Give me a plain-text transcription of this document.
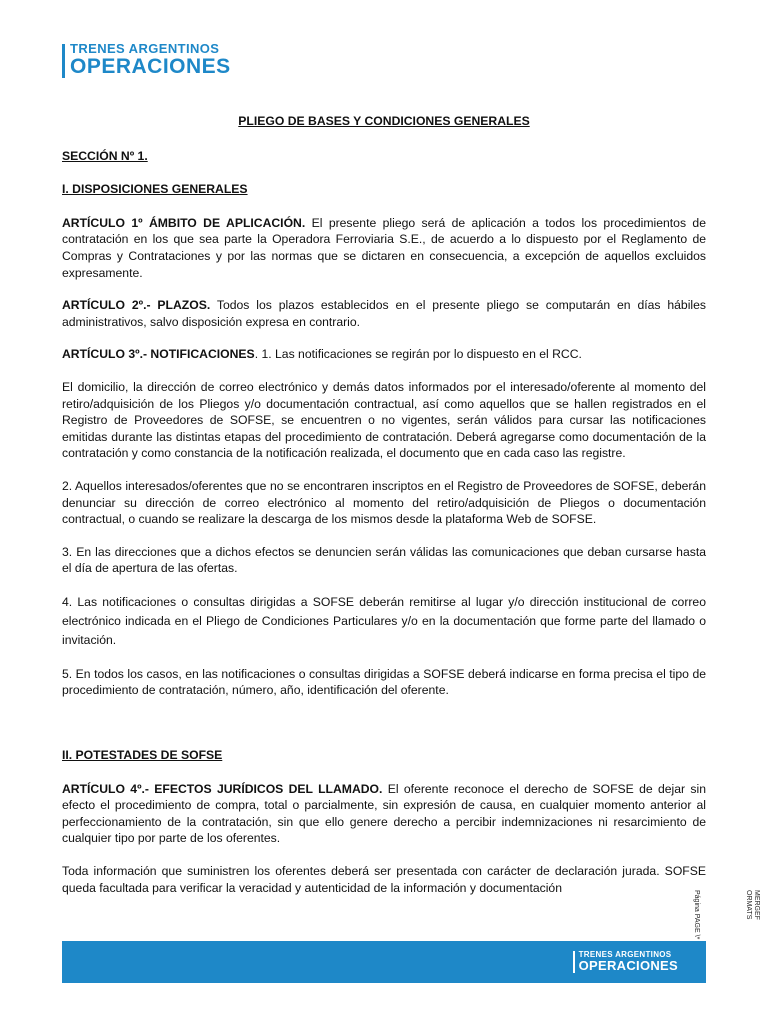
TRENES ARGENTINOS
OPERACIONES

PLIEGO DE BASES Y CONDICIONES GENERALES

SECCIÓN Nº 1.

I. DISPOSICIONES GENERALES

ARTÍCULO 1º ÁMBITO DE APLICACIÓN. El presente pliego será de aplicación a todos los procedimientos de contratación en los que sea parte la Operadora Ferroviaria S.E., de acuerdo a lo dispuesto por el Reglamento de Compras y Contrataciones y por las normas que se dictaren en consecuencia, a excepción de aquellos excluidos expresamente.

ARTÍCULO 2º.- PLAZOS. Todos los plazos establecidos en el presente pliego se computarán en días hábiles administrativos, salvo disposición expresa en contrario.

ARTÍCULO 3º.- NOTIFICACIONES. 1. Las notificaciones se regirán por lo dispuesto en el RCC.

El domicilio, la dirección de correo electrónico y demás datos informados por el interesado/oferente al momento del retiro/adquisición de los Pliegos y/o documentación contractual, así como aquellos que se hallen registrados en el Registro de Proveedores de SOFSE, se encuentren o no vigentes, serán válidos para cursar las notificaciones emitidas durante las distintas etapas del procedimiento de contratación. Deberá agregarse como documentación de la contratación y como constancia de la notificación realizada, el documento que en cada caso las registre.

2. Aquellos interesados/oferentes que no se encontraren inscriptos en el Registro de Proveedores de SOFSE, deberán denunciar su dirección de correo electrónico al momento del retiro/adquisición de Pliegos o documentación contractual, o cuando se realizare la descarga de los mismos desde la plataforma Web de SOFSE.

3. En las direcciones que a dichos efectos se denuncien serán válidas las comunicaciones que deban cursarse hasta el día de apertura de las ofertas.

4. Las notificaciones o consultas dirigidas a SOFSE deberán remitirse al lugar y/o dirección institucional de correo electrónico indicada en el Pliego de Condiciones Particulares y/o en la documentación que forme parte del llamado o invitación.

5. En todos los casos, en las notificaciones o consultas dirigidas a SOFSE deberá indicarse en forma precisa el tipo de procedimiento de contratación, número, año, identificación del oferente.

II. POTESTADES DE SOFSE

ARTÍCULO 4º.- EFECTOS JURÍDICOS DEL LLAMADO. El oferente reconoce el derecho de SOFSE de dejar sin efecto el procedimiento de compra, total o parcialmente, sin expresión de causa, en cualquier momento anterior al perfeccionamiento de la contratación, sin que ello genere derecho a percibir indemnizaciones ni resarcimiento de cualquier tipo por parte de los oferentes.

Toda información que suministren los oferentes deberá ser presentada con carácter de declaración jurada. SOFSE queda facultada para verificar la veracidad y autenticidad de la información y documentación

Página PAGE \*	MERGEF ORMATS
TRENES ARGENTINOS
OPERACIONES
